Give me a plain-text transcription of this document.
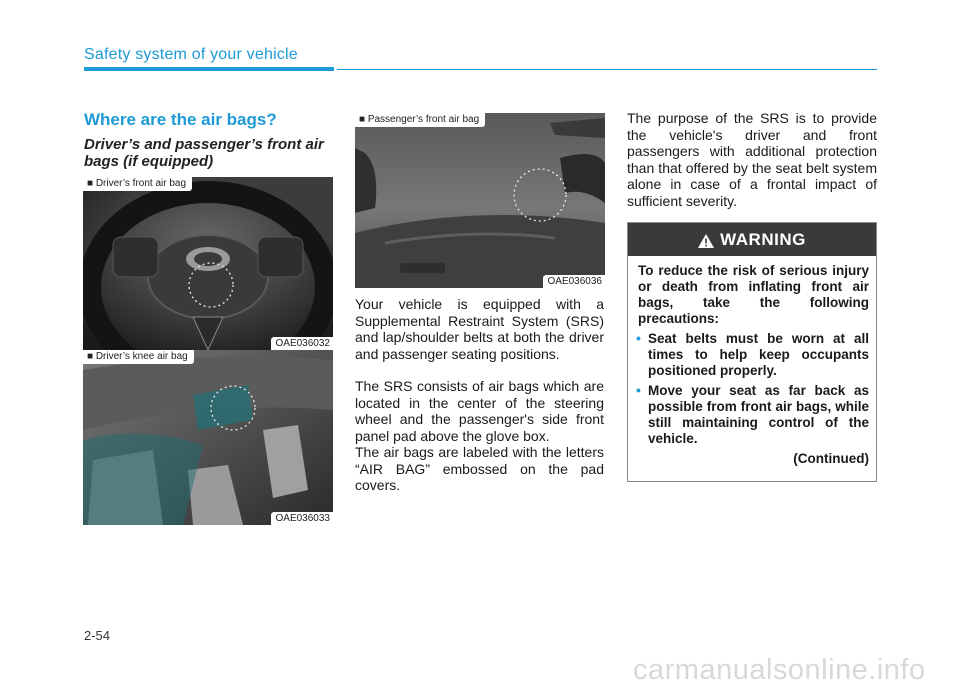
Safety system of your vehicle
Where are the air bags?
Driver’s and passenger’s front air bags (if equipped)
■ Driver’s front air bag
OAE036032
■ Driver’s knee air bag
OAE036033
■ Passenger’s front air bag
OAE036036

Your vehicle is equipped with a Supplemental Restraint System (SRS) and lap/shoulder belts at both the driver and passenger seating positions.

The SRS consists of air bags which are located in the center of the steering wheel and the passenger's side front panel pad above the glove box.

The air bags are labeled with the letters “AIR BAG” embossed on the pad covers.

The purpose of the SRS is to provide the vehicle's driver and front passengers with additional protection than that offered by the seat belt system alone in case of a frontal impact of sufficient severity.

WARNING

To reduce the risk of serious injury or death from inflating front air bags, take the following precautions:

• Seat belts must be worn at all times to help keep occupants positioned properly.
• Move your seat as far back as possible from front air bags, while still maintaining control of the vehicle.
(Continued)
2-54
carmanualsonline.info
